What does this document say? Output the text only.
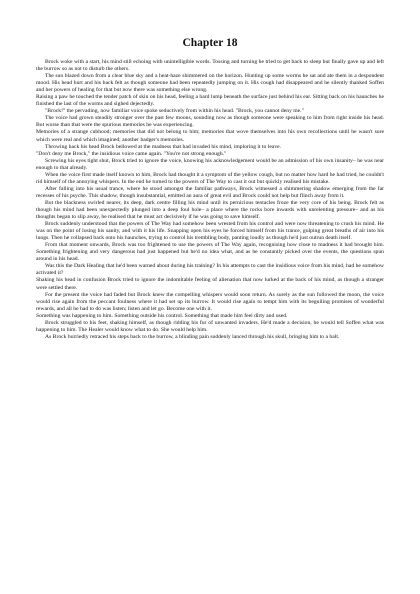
Chapter 18

Brock woke with a start, his mind still echoing with unintelligible words. Tossing and turning he tried to get back to sleep but finally gave up and left the burrow so as not to disturb the others.

The sun blazed down from a clear blue sky and a heat-haze shimmered on the horizon. Hunting up some worms he sat and ate them in a despondent mood. His head hurt and his back felt as though someone had been repeatedly jumping on it. His cough had disappeared and he silently thanked Soffen and her powers of healing for that but now there was something else wrong.

Raising a paw he touched the tender patch of skin on his head, feeling a hard lump beneath the surface just behind his ear. Sitting back on his haunches he finished the last of the worms and sighed dejectedly.

"Brock!" the pervading, now familiar voice spoke seductively from within his head. "Brock, you cannot deny me."

The voice had grown steadily stronger over the past few moons, sounding now as though someone were speaking to him from right inside his head. But worse than that were the spurious memories he was experiencing.

Memories of a strange cubhood; memories that did not belong to him; memories that wove themselves into his own recollections until he wasn't sure which were real and which imagined; another badger's memories.

Throwing back his head Brock bellowed at the madness that had invaded his mind, imploring it to leave.

"Don't deny me Brock," the insidious voice came again. "You're not strong enough."

Screwing his eyes tight shut, Brock tried to ignore the voice, knowing his acknowledgement would be an admission of his own insanity– he was near enough to that already.

When the voice first made itself known to him, Brock had thought it a symptom of the yellow cough, but no matter how hard he had tried, he couldn't rid himself of the annoying whispers. In the end he turned to the powers of The Way to cast it out but quickly realised his mistake.

After falling into his usual trance, where he stood amongst the familiar pathways, Brock witnessed a shimmering shadow emerging from the far recesses of his psyche. This shadow, though insubstantial, emitted an aura of great evil and Brock could not help but flinch away from it.

But the blackness swirled nearer, its deep, dark centre filling his mind until its pernicious tentacles froze the very core of his being. Brock felt as though his mind had been unexpectedly plunged into a deep foul hole– a place where the rocks bore inwards with unrelenting pressure– and as his thoughts began to slip away, he realised that he must act decisively if he was going to save himself.

Brock suddenly understood that the powers of The Way had somehow been wrested from his control and were now threatening to crush his mind. He was on the point of losing his sanity, and with it his life. Snapping open his eyes he forced himself from his trance, gulping great breaths of air into his lungs. Then he collapsed back onto his haunches, trying to control his trembling body, panting loudly as though he'd just outrun death itself.

From that moment onwards, Brock was too frightened to use the powers of The Way again, recognising how close to madness it had brought him. Something frightening and very dangerous had just happened but he'd no idea what, and as he constantly picked over the events, the questions spun around in his head.

Was this the Dark Healing that he'd been warned about during his training? In his attempts to cast the insidious voice from his mind, had he somehow activated it?

Shaking his head in confusion Brock tried to ignore the indomitable feeling of alienation that now lurked at the back of his mind, as though a stranger were settled there.

For the present the voice had faded but Brock knew the compelling whispers would soon return. As surely as the sun followed the moon, the voice would rise again from the peccant foulness where it had set up its burrow. It would rise again to tempt him with its beguiling promises of wonderful rewards, and all he had to do was listen; listen and let go. Become one with it.

Something was happening to him. Something outside his control. Something that made him feel dirty and used.

Brock struggled to his feet, shaking himself, as though ridding his fur of unwanted invaders. He'd made a decision, he would tell Soffen what was happening to him. The Healer would know what to do. She would help him.

As Brock hurriedly retraced his steps back to the burrow, a blinding pain suddenly lanced through his skull, bringing him to a halt.
